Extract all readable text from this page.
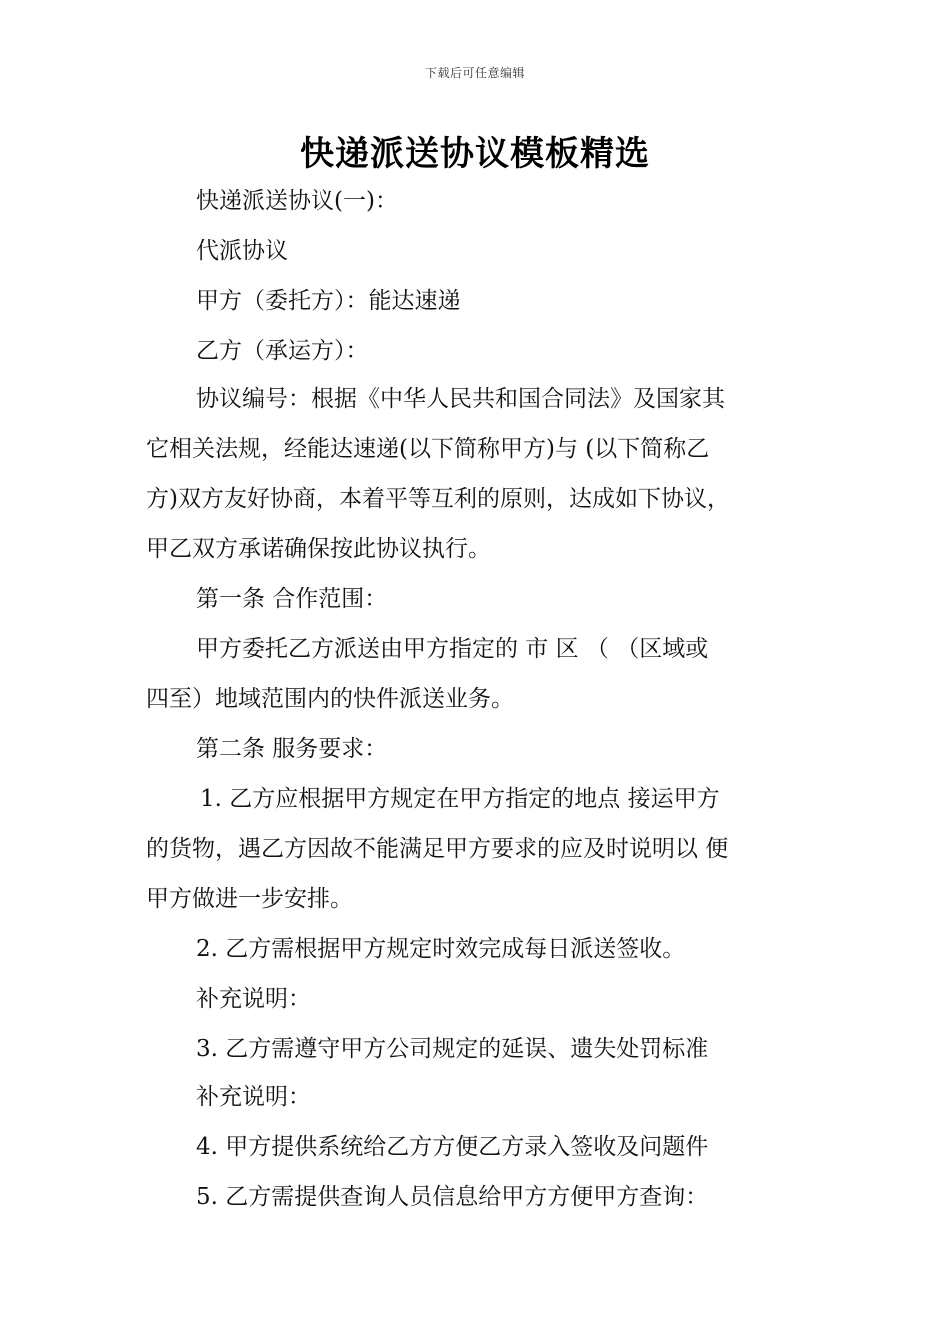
下载后可任意编辑
快递派送协议模板精选
快递派送协议(一)：
代派协议
甲方（委托方）：能达速递
乙方（承运方）：
协议编号：根据《中华人民共和国合同法》及国家其
它相关法规，经能达速递(以下简称甲方)与 (以下简称乙
方)双方友好协商，本着平等互利的原则，达成如下协议，
甲乙双方承诺确保按此协议执行。
第一条 合作范围：
甲方委托乙方派送由甲方指定的 市 区 （ （区域或
四至）地域范围内的快件派送业务。
第二条 服务要求：
1. 乙方应根据甲方规定在甲方指定的地点 接运甲方
的货物，遇乙方因故不能满足甲方要求的应及时说明以 便
甲方做进一步安排。
2. 乙方需根据甲方规定时效完成每日派送签收。
补充说明：
3. 乙方需遵守甲方公司规定的延误、遗失处罚标准
补充说明：
4. 甲方提供系统给乙方方便乙方录入签收及问题件
5. 乙方需提供查询人员信息给甲方方便甲方查询：
